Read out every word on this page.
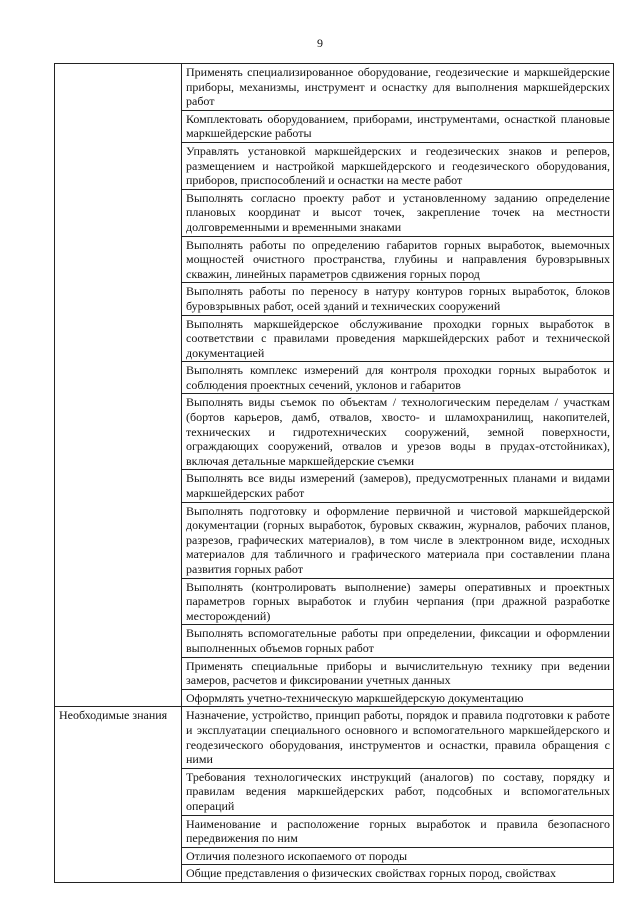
9
	Применять специализированное оборудование, геодезические и маркшейдерские приборы, механизмы, инструмент и оснастку для выполнения маркшейдерских работ
	Комплектовать оборудованием, приборами, инструментами, оснасткой плановые маркшейдерские работы
	Управлять установкой маркшейдерских и геодезических знаков и реперов, размещением и настройкой маркшейдерского и геодезического оборудования, приборов, приспособлений и оснастки на месте работ
	Выполнять согласно проекту работ и установленному заданию определение плановых координат и высот точек, закрепление точек на местности долговременными и временными знаками
	Выполнять работы по определению габаритов горных выработок, выемочных мощностей очистного пространства, глубины и направления буровзрывных скважин, линейных параметров сдвижения горных пород
	Выполнять работы по переносу в натуру контуров горных выработок, блоков буровзрывных работ, осей зданий и технических сооружений
	Выполнять маркшейдерское обслуживание проходки горных выработок в соответствии с правилами проведения маркшейдерских работ и технической документацией
	Выполнять комплекс измерений для контроля проходки горных выработок и соблюдения проектных сечений, уклонов и габаритов
	Выполнять виды съемок по объектам / технологическим переделам / участкам (бортов карьеров, дамб, отвалов, хвосто- и шламохранилищ, накопителей, технических и гидротехнических сооружений, земной поверхности, ограждающих сооружений, отвалов и урезов воды в прудах-отстойниках), включая детальные маркшейдерские съемки
	Выполнять все виды измерений (замеров), предусмотренных планами и видами маркшейдерских работ
	Выполнять подготовку и оформление первичной и чистовой маркшейдерской документации (горных выработок, буровых скважин, журналов, рабочих планов, разрезов, графических материалов), в том числе в электронном виде, исходных материалов для табличного и графического материала при составлении плана развития горных работ
	Выполнять (контролировать выполнение) замеры оперативных и проектных параметров горных выработок и глубин черпания (при дражной разработке месторождений)
	Выполнять вспомогательные работы при определении, фиксации и оформлении выполненных объемов горных работ
	Применять специальные приборы и вычислительную технику при ведении замеров, расчетов и фиксировании учетных данных
	Оформлять учетно-техническую маркшейдерскую документацию
Необходимые знания	Назначение, устройство, принцип работы, порядок и правила подготовки к работе и эксплуатации специального основного и вспомогательного маркшейдерского и геодезического оборудования, инструментов и оснастки, правила обращения с ними
	Требования технологических инструкций (аналогов) по составу, порядку и правилам ведения маркшейдерских работ, подсобных и вспомогательных операций
	Наименование и расположение горных выработок и правила безопасного передвижения по ним
	Отличия полезного ископаемого от породы
	Общие представления о физических свойствах горных пород, свойствах
